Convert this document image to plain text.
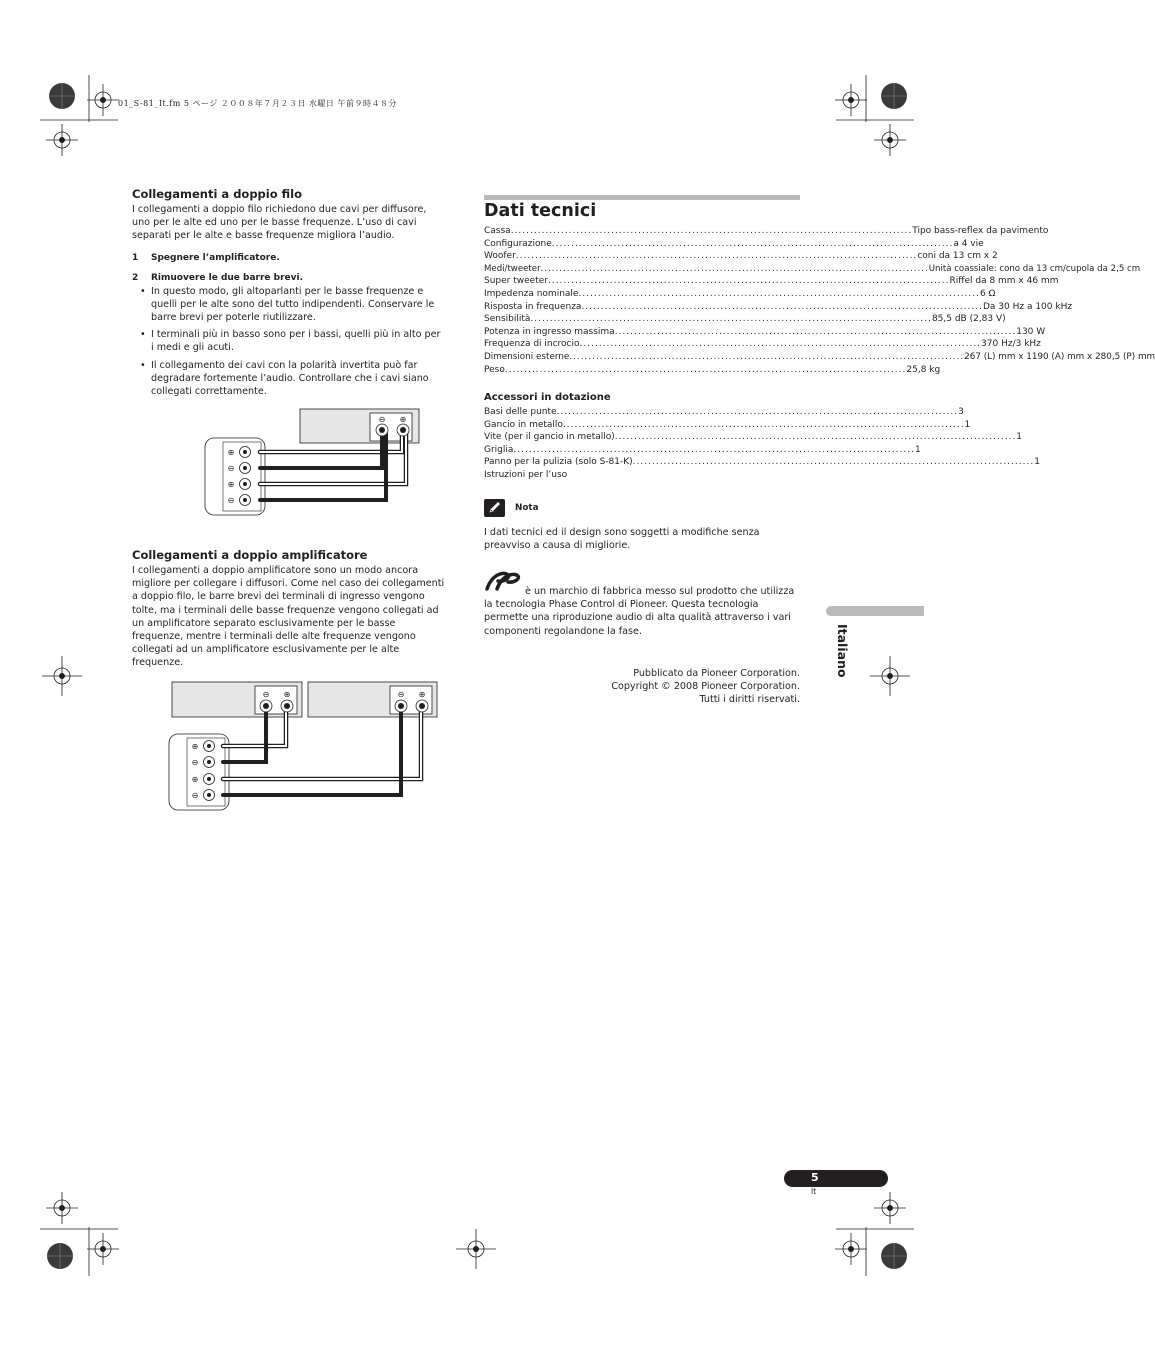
01_S-81_It.fm 5 ページ ２００８年７月２３日 水曜日 午前９時４８分
Collegamenti a doppio filo

I collegamenti a doppio filo richiedono due cavi per diffusore, uno per le alte ed uno per le basse frequenze. L’uso di cavi separati per le alte e basse frequenze migliora l’audio.

1 Spegnere l’amplificatore.

2 Rimuovere le due barre brevi.

• In questo modo, gli altoparlanti per le basse frequenze e quelli per le alte sono del tutto indipendenti. Conservare le barre brevi per poterle riutilizzare.
• I terminali più in basso sono per i bassi, quelli più in alto per i medi e gli acuti.
• Il collegamento dei cavi con la polarità invertita può far degradare fortemente l’audio. Controllare che i cavi siano collegati correttamente.
⊕
⊖
⊕
⊖
⊖ ⊕
Collegamenti a doppio amplificatore

I collegamenti a doppio amplificatore sono un modo ancora migliore per collegare i diffusori. Come nel caso dei collegamenti a doppio filo, le barre brevi dei terminali di ingresso vengono tolte, ma i terminali delle basse frequenze vengono collegati ad un amplificatore separato esclusivamente per le basse frequenze, mentre i terminali delle alte frequenze vengono collegati ad un amplificatore esclusivamente per le alte frequenze.

⊕
⊖
⊕
⊖
⊖ ⊕	⊖ ⊕
Dati tecnici
Cassa ........................................................................................................ Tipo bass-reflex da pavimento
Configurazione ........................................................................................................ a 4 vie
Woofer ........................................................................................................ coni da 13 cm x 2
Medi/tweeter ........................................................................................................ Unità coassiale: cono da 13 cm/cupola da 2,5 cm
Super tweeter ........................................................................................................ Riffel da 8 mm x 46 mm
Impedenza nominale ........................................................................................................ 6 Ω
Risposta in frequenza ........................................................................................................ Da 30 Hz a 100 kHz
Sensibilità ........................................................................................................ 85,5 dB (2,83 V)
Potenza in ingresso massima ........................................................................................................ 130 W
Frequenza di incrocio ........................................................................................................ 370 Hz/3 kHz
Dimensioni esterne ........................................................................................................ 267 (L) mm x 1190 (A) mm x 280,5 (P) mm
Peso ........................................................................................................ 25,8 kg
Accessori in dotazione
Basi delle punte ........................................................................................................ 3
Gancio in metallo ........................................................................................................ 1
Vite (per il gancio in metallo) ........................................................................................................ 1
Griglia ........................................................................................................ 1
Panno per la pulizia (solo S-81-K) ........................................................................................................ 1
Istruzioni per l’uso
Nota

I dati tecnici ed il design sono soggetti a modifiche senza preavviso a causa di migliorie.

è un marchio di fabbrica messo sul prodotto che utilizza la tecnologia Phase Control di Pioneer. Questa tecnologia permette una riproduzione audio di alta qualità attraverso i vari componenti regolandone la fase.

Pubblicato da Pioneer Corporation.
Copyright © 2008 Pioneer Corporation.
Tutti i diritti riservati.
Italiano
5
It
